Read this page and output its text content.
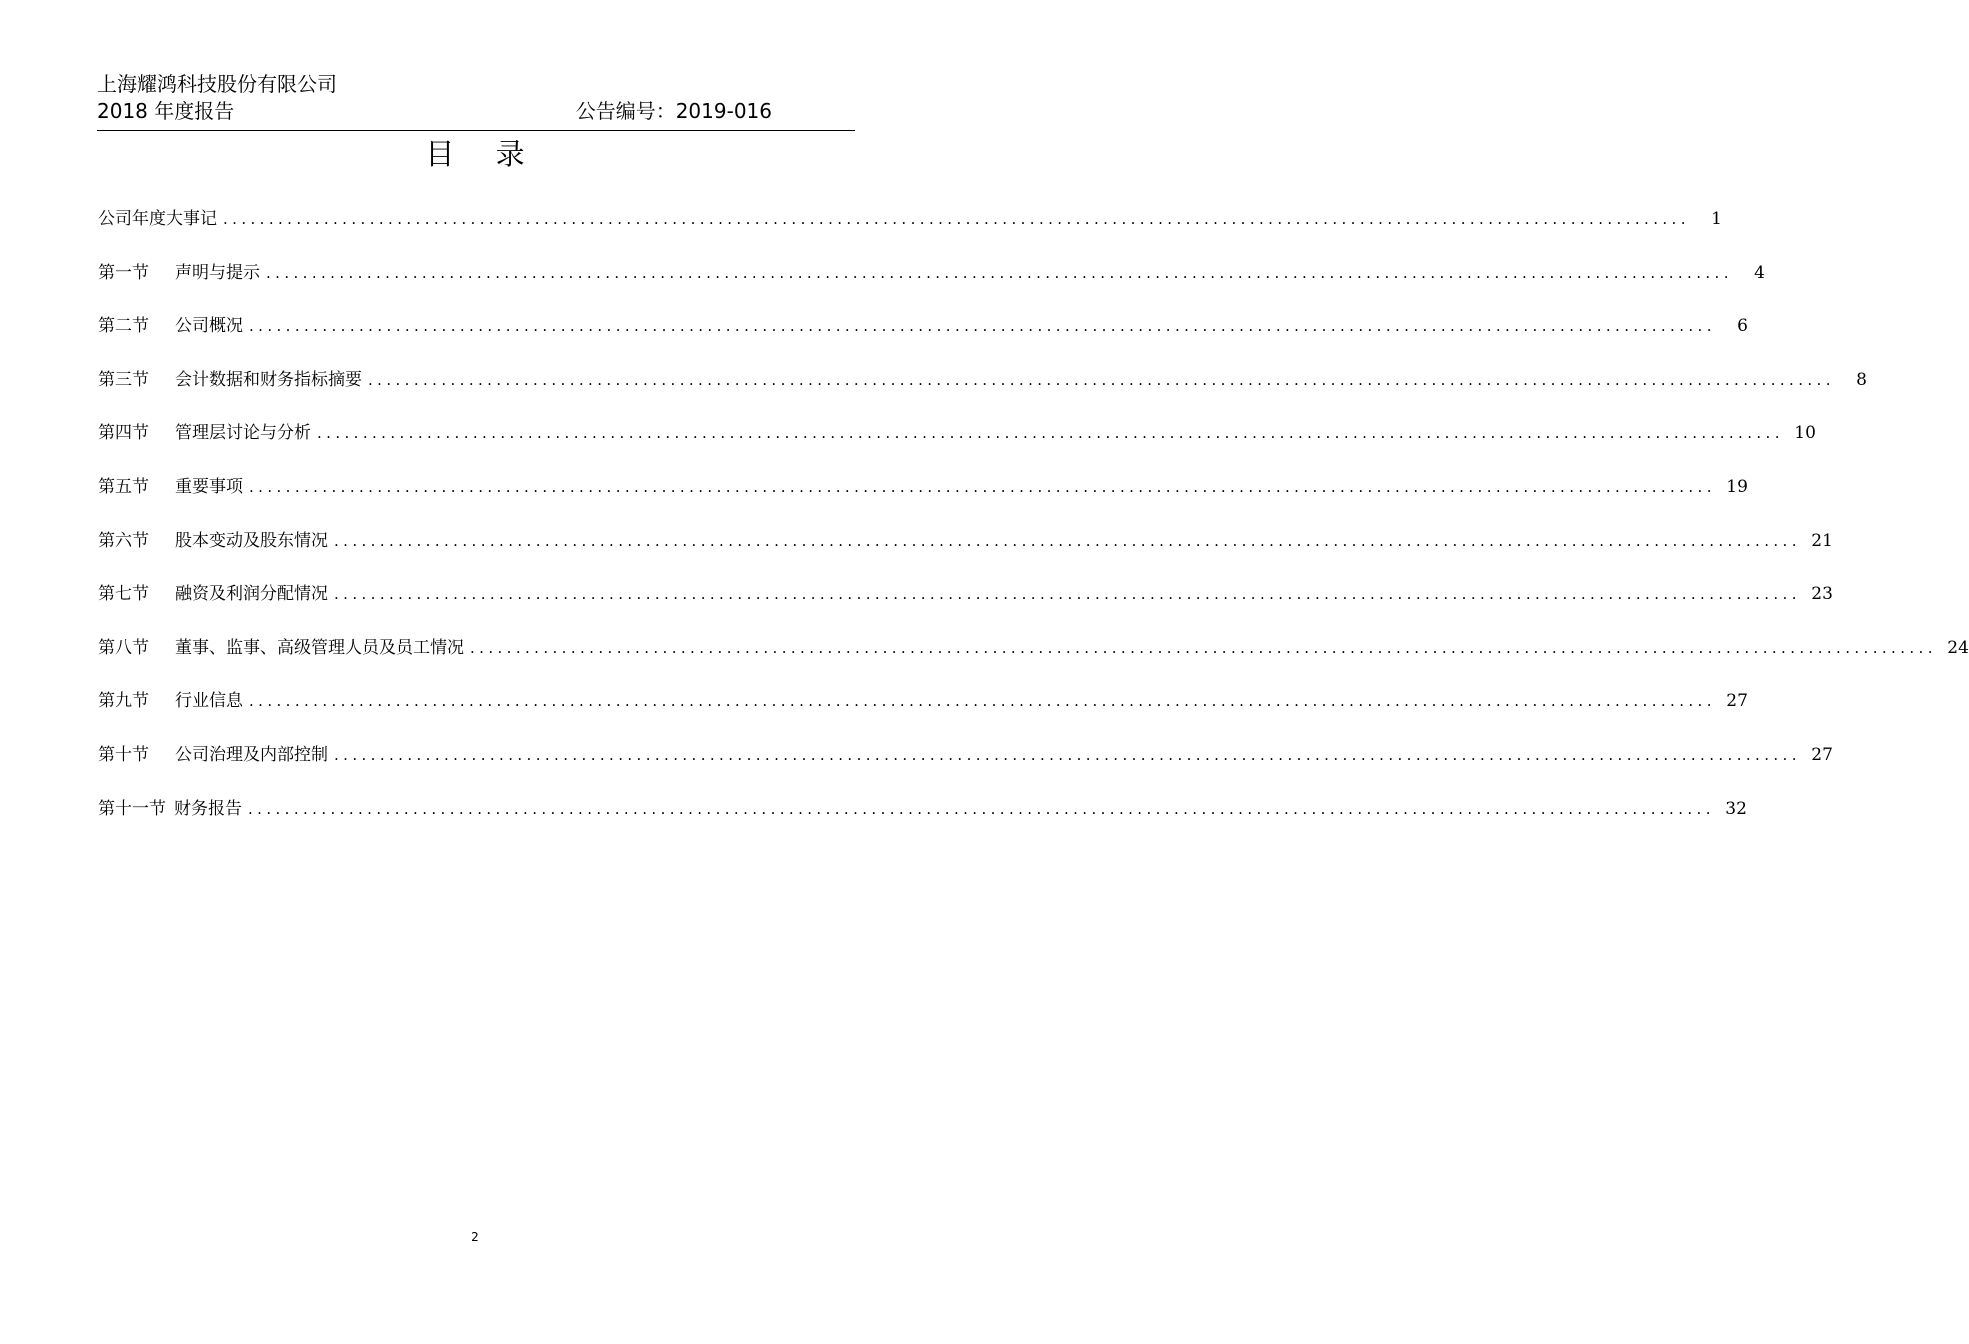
上海耀鸿科技股份有限公司
2018 年度报告	公告编号：2019-016
目 录
公司年度大事记 ................................................................................................................................................................	1
第一节 声明与提示 ................................................................................................................................................................	4
第二节 公司概况 ................................................................................................................................................................	6
第三节 会计数据和财务指标摘要 ................................................................................................................................................................	8
第四节 管理层讨论与分析 ................................................................................................................................................................ 10
第五节 重要事项 ................................................................................................................................................................ 19
第六节 股本变动及股东情况 ................................................................................................................................................................ 21
第七节 融资及利润分配情况 ................................................................................................................................................................ 23
第八节 董事、监事、高级管理人员及员工情况 ................................................................................................................................................................ 24
第九节 行业信息 ................................................................................................................................................................ 27
第十节 公司治理及内部控制 ................................................................................................................................................................ 27
第十一节 财务报告 ................................................................................................................................................................ 32
2
